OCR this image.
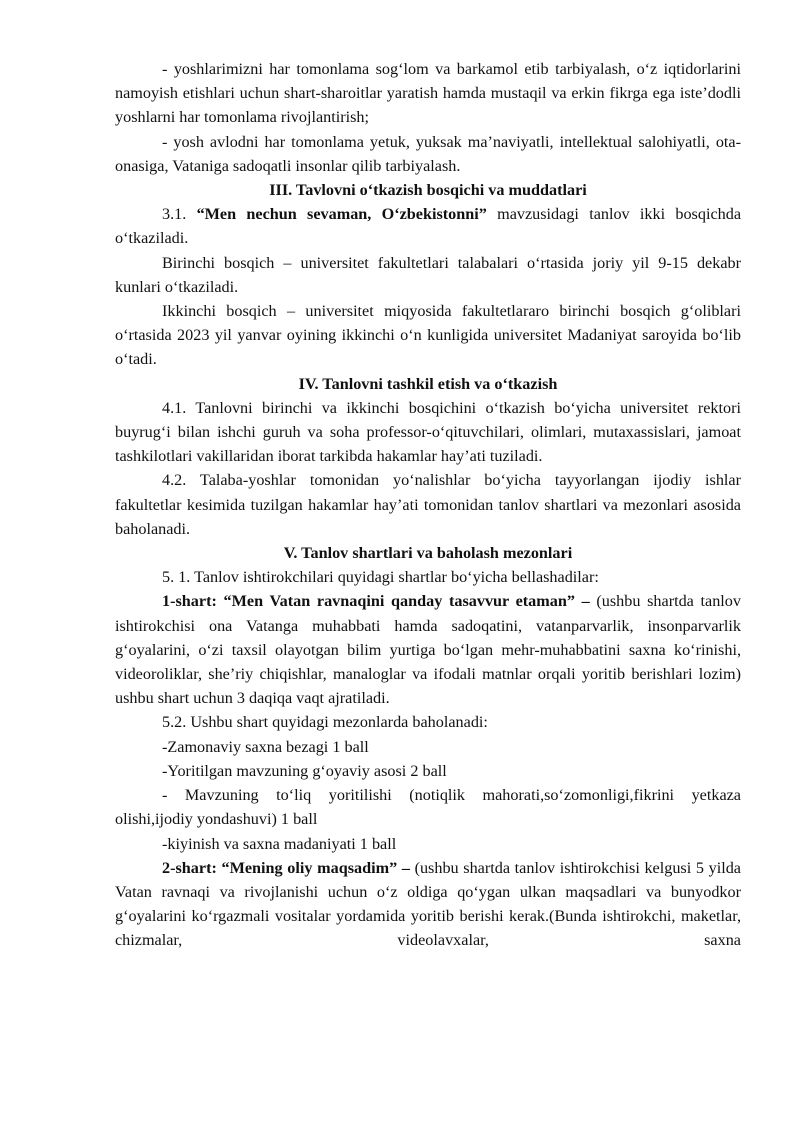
- yoshlarimizni har tomonlama sog‘lom va barkamol etib tarbiyalash, o‘z iqtidorlarini namoyish etishlari uchun shart-sharoitlar yaratish hamda mustaqil va erkin fikrga ega iste’dodli yoshlarni har tomonlama rivojlantirish;

- yosh avlodni har tomonlama yetuk, yuksak ma’naviyatli, intellektual salohiyatli, ota-onasiga, Vataniga sadoqatli insonlar qilib tarbiyalash.

III. Tavlovni o‘tkazish bosqichi va muddatlari

3.1. “Men nechun sevaman, O‘zbekistonni” mavzusidagi tanlov ikki bosqichda o‘tkaziladi.

Birinchi bosqich – universitet fakultetlari talabalari o‘rtasida joriy yil 9-15 dekabr kunlari o‘tkaziladi.

Ikkinchi bosqich – universitet miqyosida fakultetlararo birinchi bosqich g‘oliblari o‘rtasida 2023 yil yanvar oyining ikkinchi o‘n kunligida universitet Madaniyat saroyida bo‘lib o‘tadi.

IV. Tanlovni tashkil etish va o‘tkazish

4.1. Tanlovni birinchi va ikkinchi bosqichini o‘tkazish bo‘yicha universitet rektori buyrug‘i bilan ishchi guruh va soha professor-o‘qituvchilari, olimlari, mutaxassislari, jamoat tashkilotlari vakillaridan iborat tarkibda hakamlar hay’ati tuziladi.

4.2. Talaba-yoshlar tomonidan yo‘nalishlar bo‘yicha tayyorlangan ijodiy ishlar fakultetlar kesimida tuzilgan hakamlar hay’ati tomonidan tanlov shartlari va mezonlari asosida baholanadi.

V. Tanlov shartlari va baholash mezonlari

5. 1. Tanlov ishtirokchilari quyidagi shartlar bo‘yicha bellashadilar:

1-shart: “Men Vatan ravnaqini qanday tasavvur etaman” – (ushbu shartda tanlov ishtirokchisi ona Vatanga muhabbati hamda sadoqatini, vatanparvarlik, insonparvarlik g‘oyalarini, o‘zi taxsil olayotgan bilim yurtiga bo‘lgan mehr-muhabbatini saxna ko‘rinishi, videoroliklar, she’riy chiqishlar, manaloglar va ifodali matnlar orqali yoritib berishlari lozim) ushbu shart uchun 3 daqiqa vaqt ajratiladi.

5.2. Ushbu shart quyidagi mezonlarda baholanadi:

-Zamonaviy saxna bezagi 1 ball

-Yoritilgan mavzuning g‘oyaviy asosi 2 ball

- Mavzuning to‘liq yoritilishi (notiqlik mahorati,so‘zomonligi,fikrini yetkaza olishi,ijodiy yondashuvi) 1 ball

-kiyinish va saxna madaniyati 1 ball

2-shart: “Mening oliy maqsadim” – (ushbu shartda tanlov ishtirokchisi kelgusi 5 yilda Vatan ravnaqi va rivojlanishi uchun o‘z oldiga qo‘ygan ulkan maqsadlari va bunyodkor g‘oyalarini ko‘rgazmali vositalar yordamida yoritib berishi kerak.(Bunda ishtirokchi, maketlar, chizmalar, videolavxalar, saxna
